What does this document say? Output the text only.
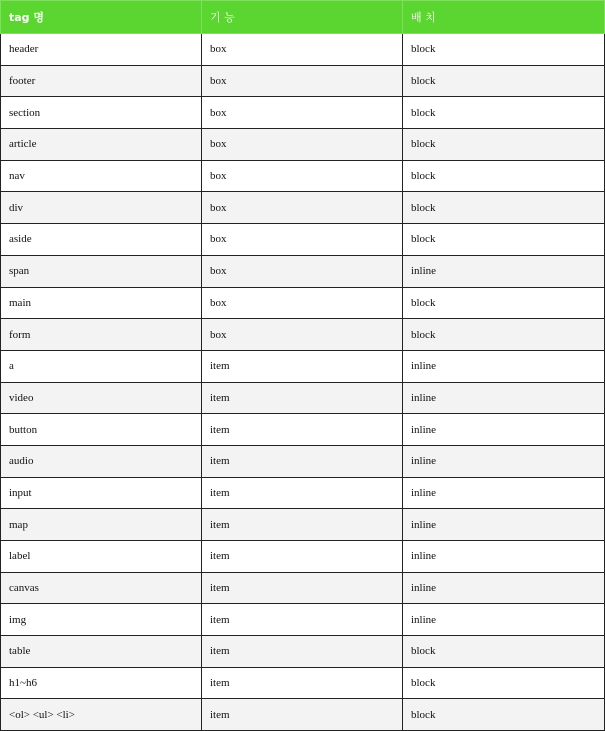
tag 명	기 능	배 치
header	box	block
footer	box	block
section	box	block
article	box	block
nav	box	block
div	box	block
aside	box	block
span	box	inline
main	box	block
form	box	block
a	item	inline
video	item	inline
button	item	inline
audio	item	inline
input	item	inline
map	item	inline
label	item	inline
canvas	item	inline
img	item	inline
table	item	block
h1~h6	item	block
<ol> <ul> <li>	item	block
